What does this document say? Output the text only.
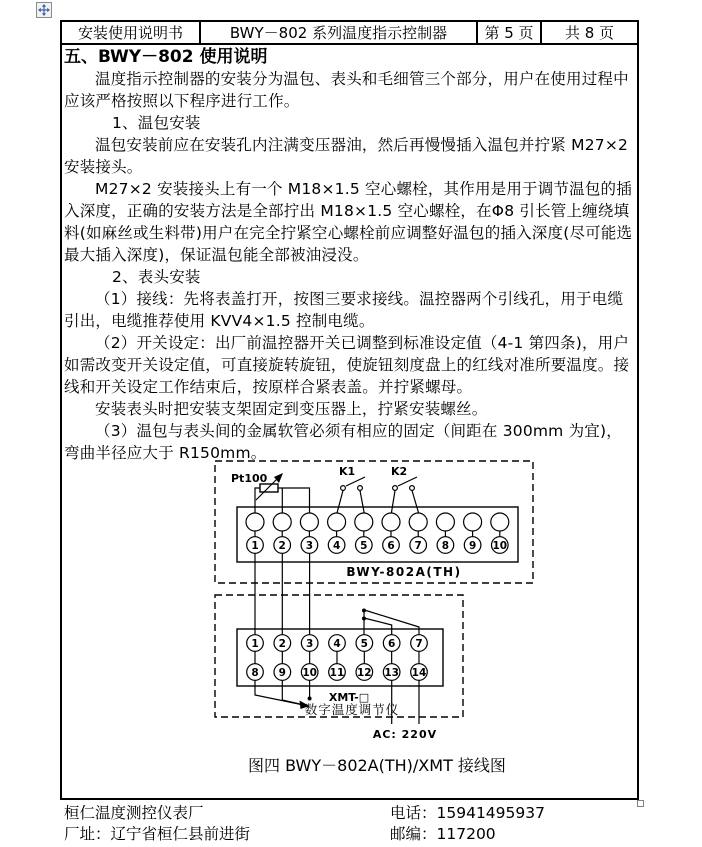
安装使用说明书	BWY－802 系列温度指示控制器	第 5 页	共 8 页
五、BWY－802 使用说明

温度指示控制器的安装分为温包、表头和毛细管三个部分，用户在使用过程中应该严格按照以下程序进行工作。

1、温包安装

温包安装前应在安装孔内注满变压器油，然后再慢慢插入温包并拧紧 M27×2 安装接头。

M27×2 安装接头上有一个 M18×1.5 空心螺栓，其作用是用于调节温包的插入深度，正确的安装方法是全部拧出 M18×1.5 空心螺栓，在Φ8 引长管上缠绕填料(如麻丝或生料带)用户在完全拧紧空心螺栓前应调整好温包的插入深度(尽可能选最大插入深度)，保证温包能全部被油浸没。

2、表头安装

（1）接线：先将表盖打开，按图三要求接线。温控器两个引线孔，用于电缆引出，电缆推荐使用 KVV4×1.5 控制电缆。

（2）开关设定：出厂前温控器开关已调整到标准设定值（4-1 第四条)，用户如需改变开关设定值，可直接旋转旋钮，使旋钮刻度盘上的红线对准所要温度。接线和开关设定工作结束后，按原样合紧表盖。并拧紧螺母。

安装表头时把安装支架固定到变压器上，拧紧安装螺丝。

（3）温包与表头间的金属软管必须有相应的固定（间距在 300mm 为宜)，弯曲半径应大于 R150mm。

Pt100
K1	K2
BWY-802A(TH)
XMT-□
数字温度调节仪
AC: 220V
1 2 3 4 5 6 7 8 9 10
1 2 3 4 5 6 7
8 9 10 11 12 13 14
图四 BWY－802A(TH)/XMT 接线图
桓仁温度测控仪表厂	电话：15941495937
厂址：辽宁省桓仁县前进街	邮编：117200
